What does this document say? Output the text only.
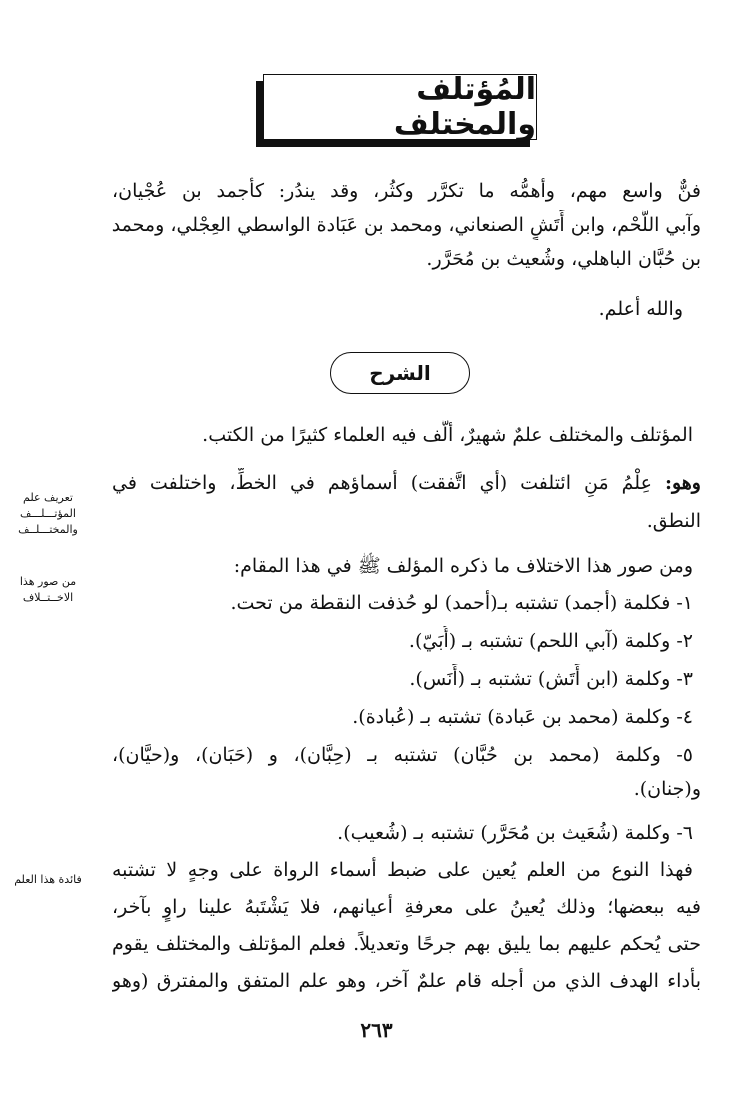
المُؤتلف والمختلف
فنٌّ واسع مهم، وأهمُّه ما تكرَّر وكثُر، وقد يندُر: كأجمد بن عُجْيان،
وآبي اللَّحْم، وابن أَتَشٍ الصنعاني، ومحمد بن عَبَادة الواسطي العِجْلي، ومحمد
بن حُبَّان الباهلي، وشُعيث بن مُحَرَّر.
والله أعلم.
الشرح
المؤتلف والمختلف علمٌ شهيرٌ، ألَّف فيه العلماء كثيرًا من الكتب.
وهو: عِلْمُ مَنِ ائتلفت (أي اتَّفقت) أسماؤهم في الخطِّ، واختلفت في
النطق.
ومن صور هذا الاختلاف ما ذكره المؤلف ﷺ في هذا المقام:
١- فكلمة (أجمد) تشتبه بـ(أحمد) لو حُذفت النقطة من تحت.
٢- وكلمة (آبي اللحم) تشتبه بـ (أُبَيّ).
٣- وكلمة (ابن أَتَش) تشتبه بـ (أَنَس).
٤- وكلمة (محمد بن عَبادة) تشتبه بـ (عُبادة).
٥- وكلمة (محمد بن حُبَّان) تشتبه بـ (حِبَّان)، و (حَبَان)، و(حيَّان)،
و(جنان).
٦- وكلمة (شُعَيث بن مُحَرَّر) تشتبه بـ (شُعيب).
فهذا النوع من العلم يُعين على ضبط أسماء الرواة على وجهٍ لا تشتبه
فيه ببعضها؛ وذلك يُعينُ على معرفةِ أعيانهم، فلا يَشْتَبهُ علينا راوٍ بآخر،
حتى يُحكم عليهم بما يليق بهم جرحًا وتعديلاً. فعلم المؤتلف والمختلف يقوم
بأداء الهدف الذي من أجله قام علمٌ آخر، وهو علم المتفق والمفترق (وهو
تعريف علم
المؤتـــلـــف
والمختـــلــف
من صور هذا
الاخــتــلاف
فائدة هذا العلم
٢٦٣
